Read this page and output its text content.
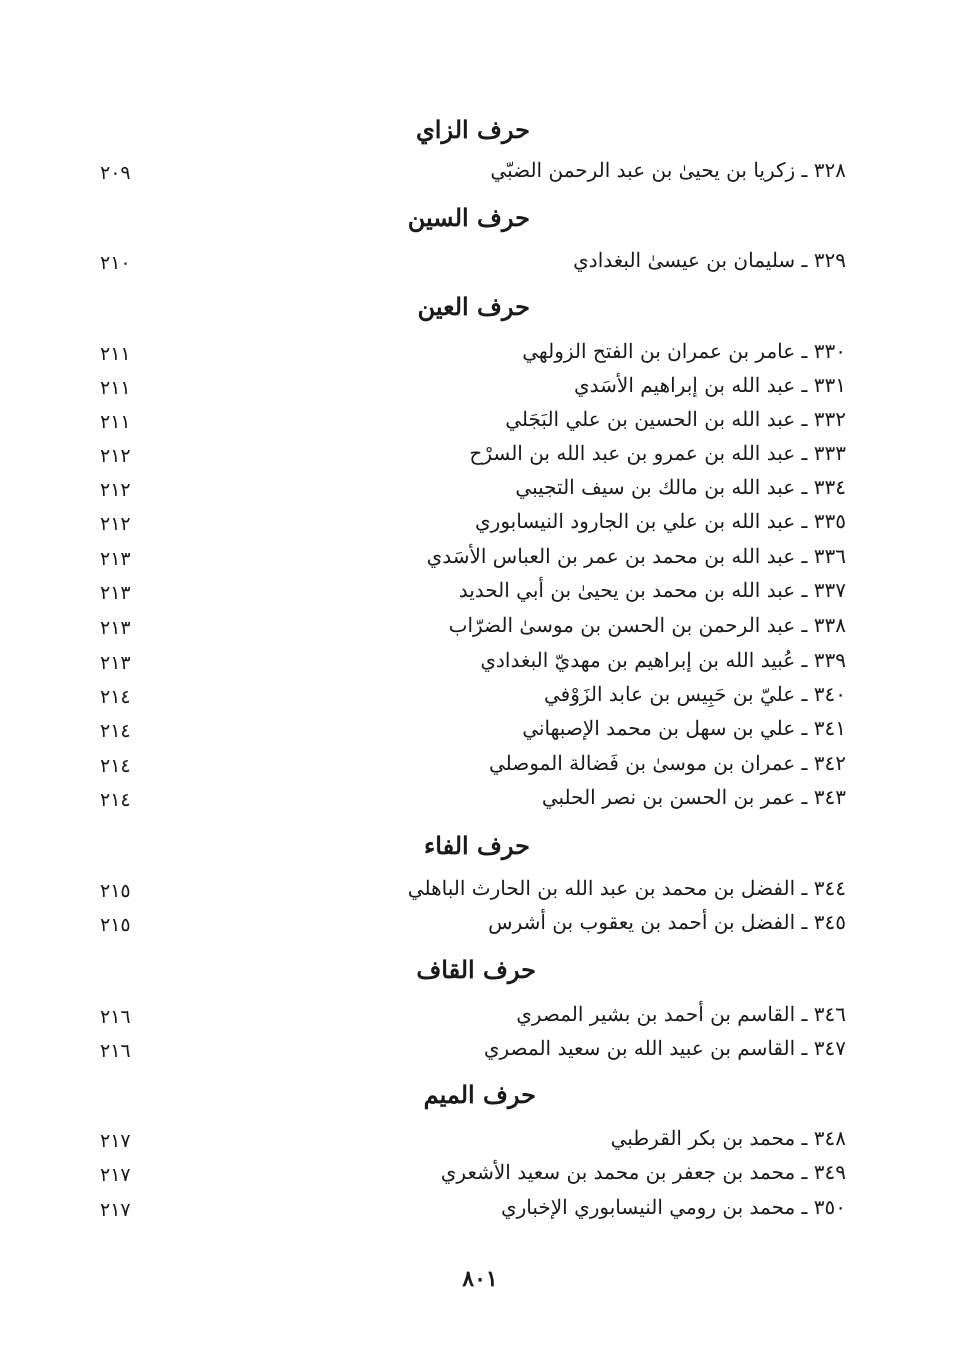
حرف الزاي
٣٢٨ ـ زكريا بن يحيىٰ بن عبد الرحمن الضبّي
٢٠٩
حرف السين
٣٢٩ ـ سليمان بن عيسىٰ البغدادي
٢١٠
حرف العين
٣٣٠ ـ عامر بن عمران بن الفتح الزولهي
٢١١
٣٣١ ـ عبد الله بن إبراهيم الأسَدي
٢١١
٣٣٢ ـ عبد الله بن الحسين بن علي البَجَلي
٢١١
٣٣٣ ـ عبد الله بن عمرو بن عبد الله بن السرْح
٢١٢
٣٣٤ ـ عبد الله بن مالك بن سيف التجيبي
٢١٢
٣٣٥ ـ عبد الله بن علي بن الجارود النيسابوري
٢١٢
٣٣٦ ـ عبد الله بن محمد بن عمر بن العباس الأسَدي
٢١٣
٣٣٧ ـ عبد الله بن محمد بن يحيىٰ بن أبي الحديد
٢١٣
٣٣٨ ـ عبد الرحمن بن الحسن بن موسىٰ الضرّاب
٢١٣
٣٣٩ ـ عُبيد الله بن إبراهيم بن مهديّ البغدادي
٢١٣
٣٤٠ ـ عليّ بن حَبِيس بن عابد الزَوْفي
٢١٤
٣٤١ ـ علي بن سهل بن محمد الإصبهاني
٢١٤
٣٤٢ ـ عمران بن موسىٰ بن فَضالة الموصلي
٢١٤
٣٤٣ ـ عمر بن الحسن بن نصر الحلبي
٢١٤
حرف الفاء
٣٤٤ ـ الفضل بن محمد بن عبد الله بن الحارث الباهلي
٢١٥
٣٤٥ ـ الفضل بن أحمد بن يعقوب بن أشرس
٢١٥
حرف القاف
٣٤٦ ـ القاسم بن أحمد بن بشير المصري
٢١٦
٣٤٧ ـ القاسم بن عبيد الله بن سعيد المصري
٢١٦
حرف الميم
٣٤٨ ـ محمد بن بكر القرطبي
٢١٧
٣٤٩ ـ محمد بن جعفر بن محمد بن سعيد الأشعري
٢١٧
٣٥٠ ـ محمد بن رومي النيسابوري الإخباري
٢١٧
٨٠١
